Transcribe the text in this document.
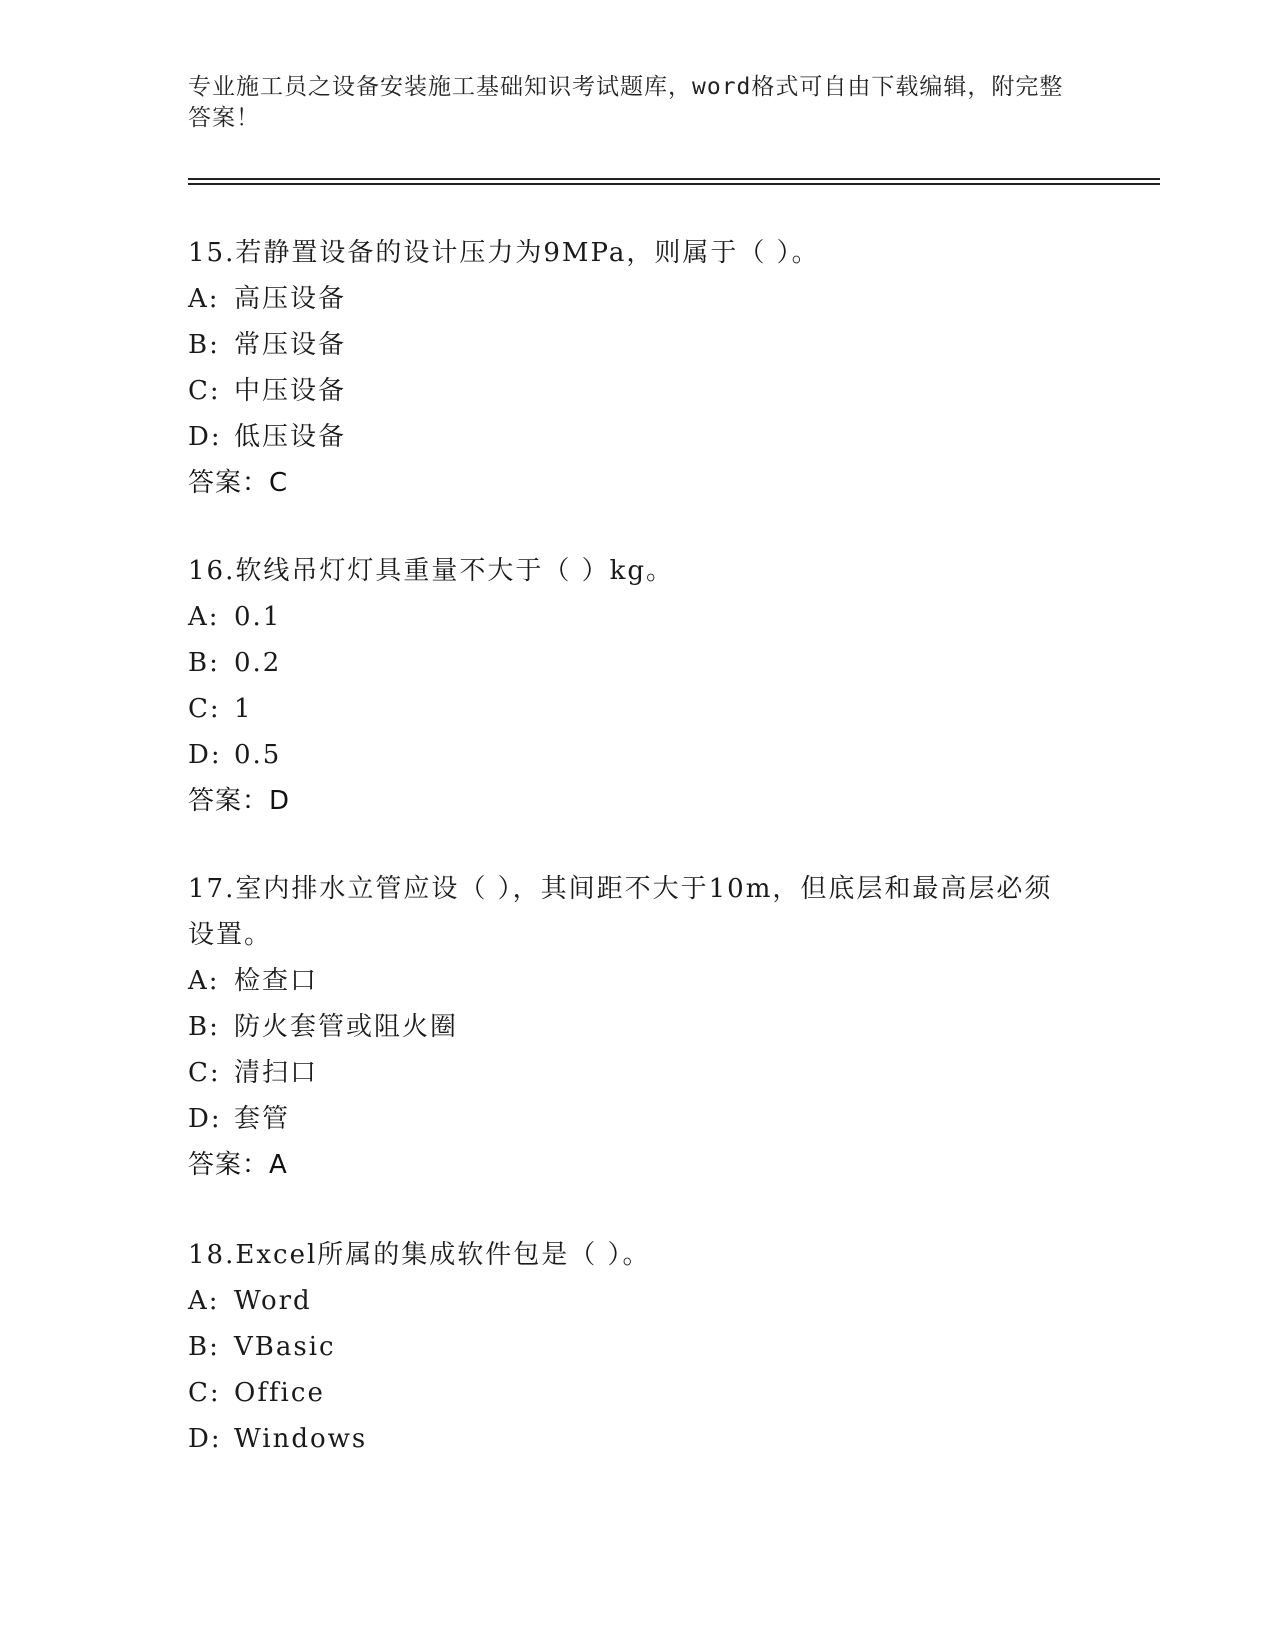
专业施工员之设备安装施工基础知识考试题库，word格式可自由下载编辑，附完整答案！
15.若静置设备的设计压力为9MPa，则属于（ ）。
A: 高压设备
B: 常压设备
C: 中压设备
D: 低压设备
答案：C
16.软线吊灯灯具重量不大于（ ）kg。
A: 0.1
B: 0.2
C: 1
D: 0.5
答案：D
17.室内排水立管应设（ ），其间距不大于10m，但底层和最高层必须设置。
A: 检查口
B: 防火套管或阻火圈
C: 清扫口
D: 套管
答案：A
18.Excel所属的集成软件包是（ ）。
A: Word
B: VBasic
C: Office
D: Windows
